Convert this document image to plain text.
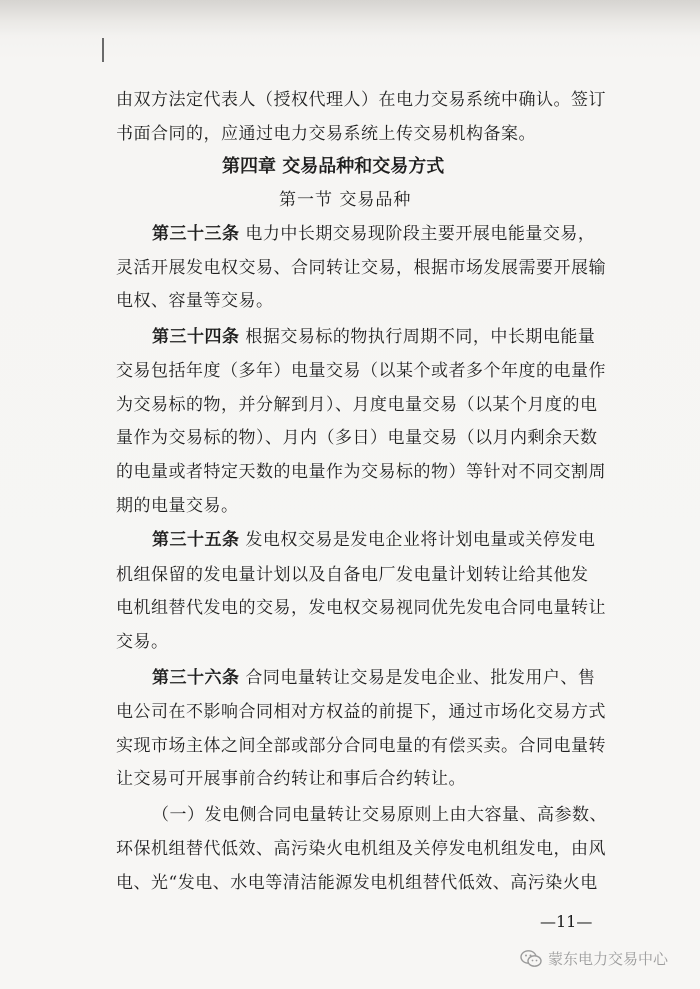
由双方法定代表人（授权代理人）在电力交易系统中确认。签订
书面合同的，应通过电力交易系统上传交易机构备案。
第四章 交易品种和交易方式
第一节 交易品种
第三十三条 电力中长期交易现阶段主要开展电能量交易，
灵活开展发电权交易、合同转让交易，根据市场发展需要开展输
电权、容量等交易。
第三十四条 根据交易标的物执行周期不同，中长期电能量
交易包括年度（多年）电量交易（以某个或者多个年度的电量作
为交易标的物，并分解到月）、月度电量交易（以某个月度的电
量作为交易标的物）、月内（多日）电量交易（以月内剩余天数
的电量或者特定天数的电量作为交易标的物）等针对不同交割周
期的电量交易。
第三十五条 发电权交易是发电企业将计划电量或关停发电
机组保留的发电量计划以及自备电厂发电量计划转让给其他发
电机组替代发电的交易，发电权交易视同优先发电合同电量转让
交易。
第三十六条 合同电量转让交易是发电企业、批发用户、售
电公司在不影响合同相对方权益的前提下，通过市场化交易方式
实现市场主体之间全部或部分合同电量的有偿买卖。合同电量转
让交易可开展事前合约转让和事后合约转让。
（一）发电侧合同电量转让交易原则上由大容量、高参数、
环保机组替代低效、高污染火电机组及关停发电机组发电，由风
电、光“发电、水电等清洁能源发电机组替代低效、高污染火电
—11—
蒙东电力交易中心
